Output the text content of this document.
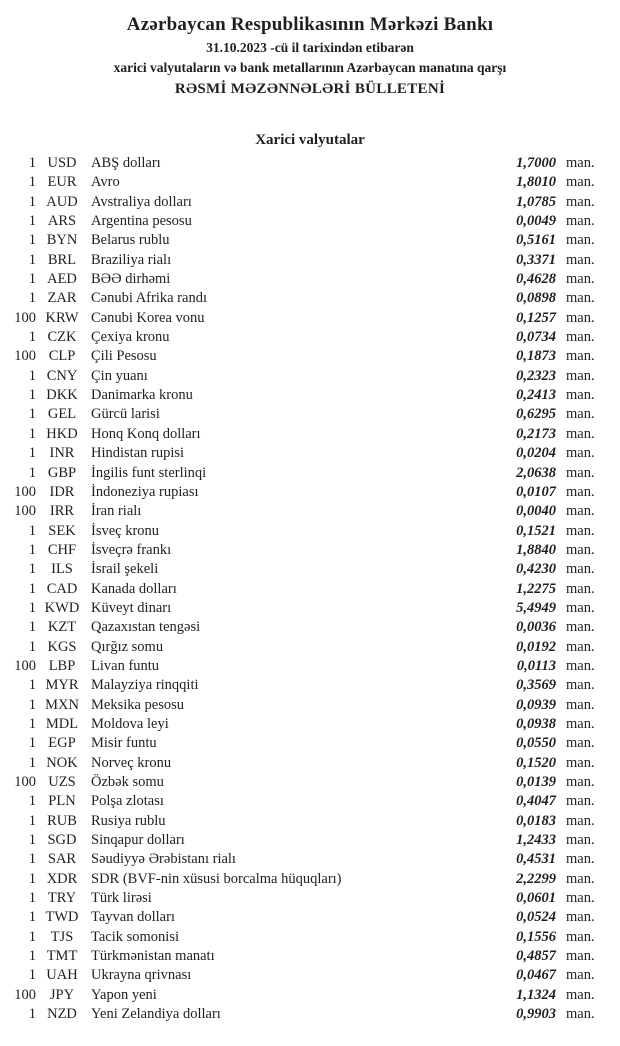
Azərbaycan Respublikasının Mərkəzi Bankı
31.10.2023 -cü il tarixindən etibarən
xarici valyutaların və bank metallarının Azərbaycan manatına qarşı
RƏSMİ MƏZƏNNƏLƏRİ BÜLLETENİ
Xarici valyutalar
1 USD	ABŞ dolları	1,7000 man.
1 EUR	Avro	1,8010 man.
1 AUD Avstraliya dolları	1,0785 man.
1 ARS	Argentina pesosu	0,0049 man.
1 BYN Belarus rublu	0,5161 man.
1 BRL	Braziliya rialı	0,3371 man.
1 AED BƏƏ dirhəmi	0,4628 man.
1 ZAR	Cənubi Afrika randı	0,0898 man.
100 KRW Cənubi Korea vonu	0,1257 man.
1 CZK	Çexiya kronu	0,0734 man.
100 CLP	Çili Pesosu	0,1873 man.
1 CNY Çin yuanı	0,2323 man.
1 DKK Danimarka kronu	0,2413 man.
1 GEL	Gürcü larisi	0,6295 man.
1 HKD Honq Konq dolları	0,2173 man.
1 INR	Hindistan rupisi	0,0204 man.
1 GBP	İngilis funt sterlinqi	2,0638 man.
100 IDR	İndoneziya rupiası	0,0107 man.
100 IRR	İran rialı	0,0040 man.
1 SEK	İsveç kronu	0,1521 man.
1 CHF	İsveçrə frankı	1,8840 man.
1	ILS	İsrail şekeli	0,4230 man.
1 CAD Kanada dolları	1,2275 man.
1 KWD Küveyt dinarı	5,4949 man.
1 KZT	Qazaxıstan tengəsi	0,0036 man.
1 KGS	Qırğız somu	0,0192 man.
100 LBP	Livan funtu	0,0113 man.
1 MYR Malayziya rinqqiti	0,3569 man.
1 MXN Meksika pesosu	0,0939 man.
1 MDL Moldova leyi	0,0938 man.
1 EGP	Misir funtu	0,0550 man.
1 NOK Norveç kronu	0,1520 man.
100 UZS	Özbək somu	0,0139 man.
1 PLN	Polşa zlotası	0,4047 man.
1 RUB Rusiya rublu	0,0183 man.
1 SGD	Sinqapur dolları	1,2433 man.
1 SAR	Səudiyyə Ərəbistanı rialı	0,4531 man.
1 XDR SDR (BVF-nin xüsusi borcalma hüquqları)	2,2299 man.
1 TRY	Türk lirəsi	0,0601 man.
1 TWD Tayvan dolları	0,0524 man.
1	TJS	Tacik somonisi	0,1556 man.
1 TMT Türkmənistan manatı	0,4857 man.
1 UAH Ukrayna qrivnası	0,0467 man.
100 JPY	Yapon yeni	1,1324 man.
1 NZD Yeni Zelandiya dolları	0,9903 man.
